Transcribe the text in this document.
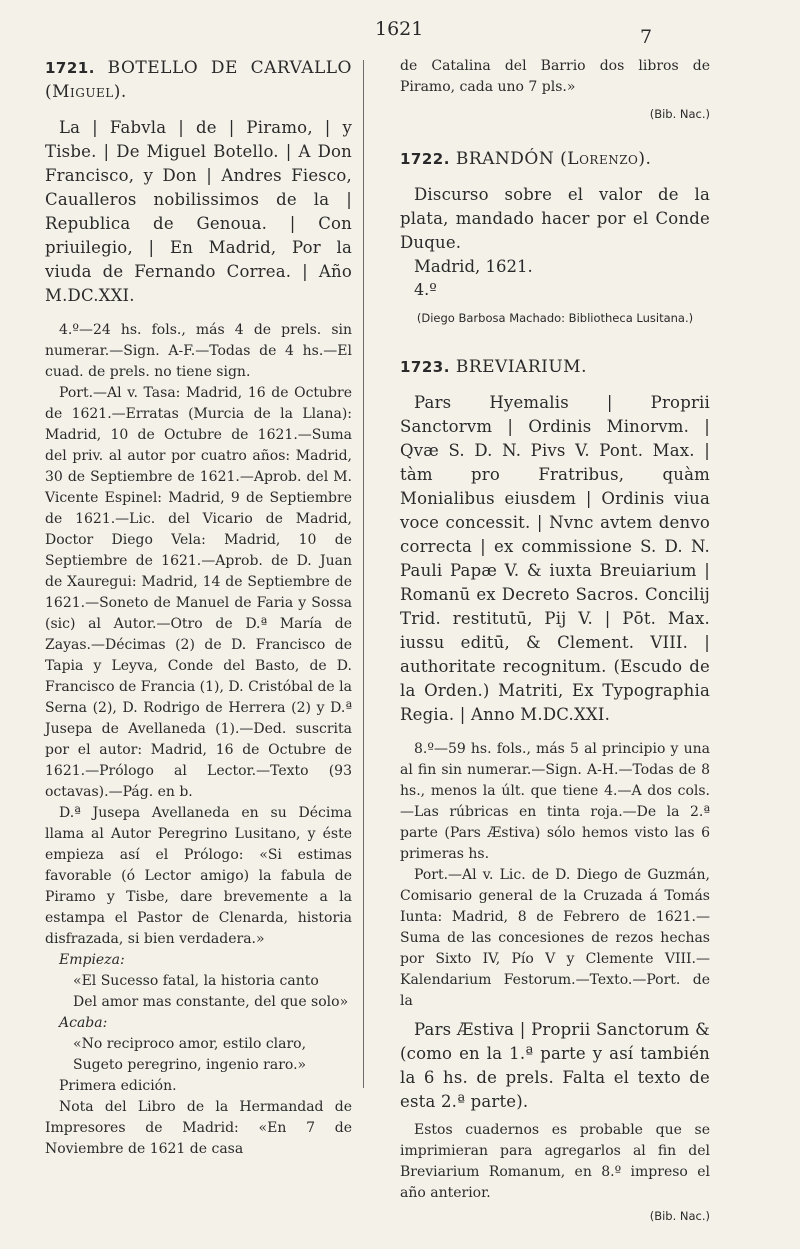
1621	7
1721. BOTELLO DE CARVALLO (Miguel).

La | Fabvla | de | Piramo, | y Tisbe. | De Miguel Botello. | A Don Francisco, y Don | Andres Fiesco, Caualleros nobilissimos de la | Republica de Genoua. | Con priuilegio, | En Madrid, Por la viuda de Fernando Correa. | Año M.DC.XXI.

4.º—24 hs. fols., más 4 de prels. sin numerar.—Sign. A-F.—Todas de 4 hs.—El cuad. de prels. no tiene sign.

Port.—Al v. Tasa: Madrid, 16 de Octubre de 1621.—Erratas (Murcia de la Llana): Madrid, 10 de Octubre de 1621.—Suma del priv. al autor por cuatro años: Madrid, 30 de Septiembre de 1621.—Aprob. del M. Vicente Espinel: Madrid, 9 de Septiembre de 1621.—Lic. del Vicario de Madrid, Doctor Diego Vela: Madrid, 10 de Septiembre de 1621.—Aprob. de D. Juan de Xauregui: Madrid, 14 de Septiembre de 1621.—Soneto de Manuel de Faria y Sossa (sic) al Autor.—Otro de D.ª María de Zayas.—Décimas (2) de D. Francisco de Tapia y Leyva, Conde del Basto, de D. Francisco de Francia (1), D. Cristóbal de la Serna (2), D. Rodrigo de Herrera (2) y D.ª Jusepa de Avellaneda (1).—Ded. suscrita por el autor: Madrid, 16 de Octubre de 1621.—Prólogo al Lector.—Texto (93 octavas).—Pág. en b.

D.ª Jusepa Avellaneda en su Décima llama al Autor Peregrino Lusitano, y éste empieza así el Prólogo: «Si estimas favorable (ó Lector amigo) la fabula de Piramo y Tisbe, dare brevemente a la estampa el Pastor de Clenarda, historia disfrazada, si bien verdadera.»

Empieza:

«El Sucesso fatal, la historia canto

Del amor mas constante, del que solo»

Acaba:

«No reciproco amor, estilo claro,

Sugeto peregrino, ingenio raro.»

Primera edición.

Nota del Libro de la Hermandad de Impresores de Madrid: «En 7 de Noviembre de 1621 de casa

de Catalina del Barrio dos libros de Piramo, cada uno 7 pls.»

(Bib. Nac.)
1722. BRANDÓN (Lorenzo).

Discurso sobre el valor de la plata, mandado hacer por el Conde Duque.

Madrid, 1621.

4.º

(Diego Barbosa Machado: Bibliotheca Lusitana.)
1723. BREVIARIUM.

Pars Hyemalis | Proprii Sanctorvm | Ordinis Minorvm. | Qvæ S. D. N. Pivs V. Pont. Max. | tàm pro Fratribus, quàm Monialibus eiusdem | Ordinis viua voce concessit. | Nvnc avtem denvo correcta | ex commissione S. D. N. Pauli Papæ V. & iuxta Breuiarium | Romanū ex Decreto Sacros. Concilij Trid. restitutū, Pij V. | Pōt. Max. iussu editū, & Clement. VIII. | authoritate recognitum. (Escudo de la Orden.) Matriti, Ex Typographia Regia. | Anno M.DC.XXI.

8.º—59 hs. fols., más 5 al principio y una al fin sin numerar.—Sign. A-H.—Todas de 8 hs., menos la últ. que tiene 4.—A dos cols.—Las rúbricas en tinta roja.—De la 2.ª parte (Pars Æstiva) sólo hemos visto las 6 primeras hs.

Port.—Al v. Lic. de D. Diego de Guzmán, Comisario general de la Cruzada á Tomás Iunta: Madrid, 8 de Febrero de 1621.—Suma de las concesiones de rezos hechas por Sixto IV, Pío V y Clemente VIII.—Kalendarium Festorum.—Texto.—Port. de la

Pars Æstiva | Proprii Sanctorum & (como en la 1.ª parte y así también la 6 hs. de prels. Falta el texto de esta 2.ª parte).

Estos cuadernos es probable que se imprimieran para agregarlos al fin del Breviarium Romanum, en 8.º impreso el año anterior.

(Bib. Nac.)
